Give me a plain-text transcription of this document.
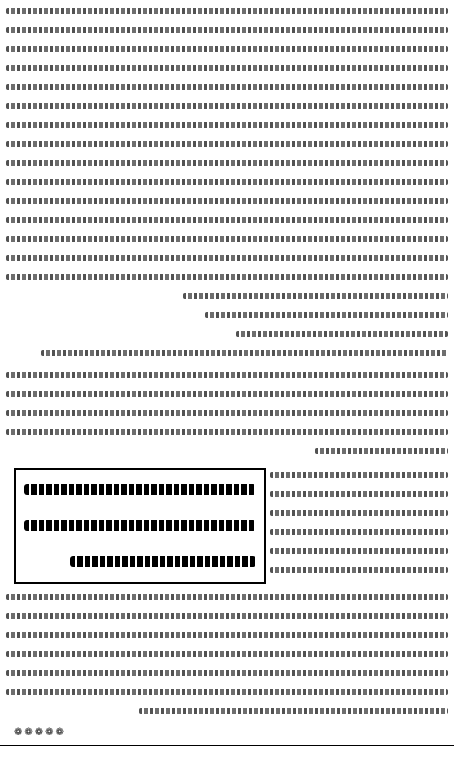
❁❁❁❁❁
